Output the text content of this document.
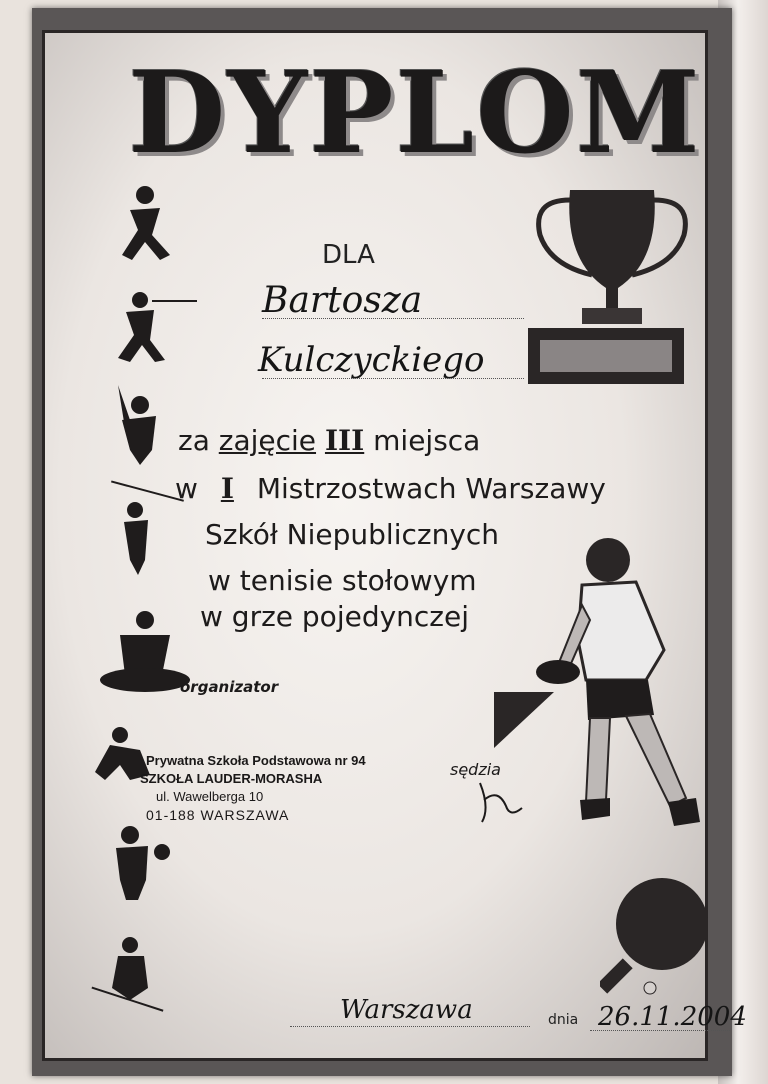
DYPLOM
DLA
Bartosza
Kulczyckiego
za zajęcie III miejsca
w I Mistrzostwach Warszawy
Szkół Niepublicznych
w tenisie stołowym
w grze pojedynczej
organizator
Prywatna Szkoła Podstawowa nr 94
SZKOŁA LAUDER-MORASHA
ul. Wawelberga 10
01-188 WARSZAWA
sędzia
Warszawa	dnia 26.11.2004
